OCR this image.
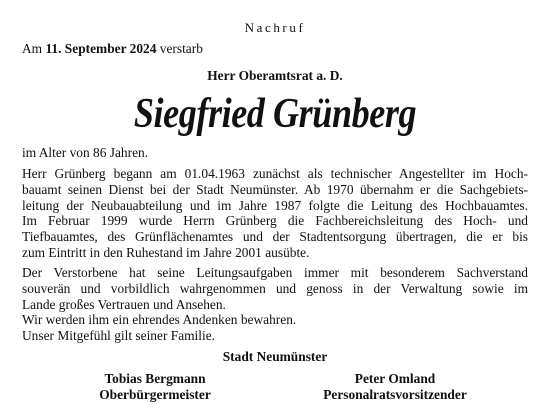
Nachruf
Am 11. September 2024 verstarb
Herr Oberamtsrat a. D.
Siegfried Grünberg
im Alter von 86 Jahren.
Herr Grünberg begann am 01.04.1963 zunächst als technischer Angestellter im Hoch-
bauamt seinen Dienst bei der Stadt Neumünster. Ab 1970 übernahm er die Sachgebiets-
leitung der Neubauabteilung und im Jahre 1987 folgte die Leitung des Hochbauamtes.
Im Februar 1999 wurde Herrn Grünberg die Fachbereichsleitung des Hoch- und
Tiefbauamtes, des Grünflächenamtes und der Stadtentsorgung übertragen, die er bis
zum Eintritt in den Ruhestand im Jahre 2001 ausübte.
Der Verstorbene hat seine Leitungsaufgaben immer mit besonderem Sachverstand
souverän und vorbildlich wahrgenommen und genoss in der Verwaltung sowie im
Lande großes Vertrauen und Ansehen.
Wir werden ihm ein ehrendes Andenken bewahren.
Unser Mitgefühl gilt seiner Familie.
Stadt Neumünster
Tobias Bergmann
Oberbürgermeister
Peter Omland
Personalratsvorsitzender
